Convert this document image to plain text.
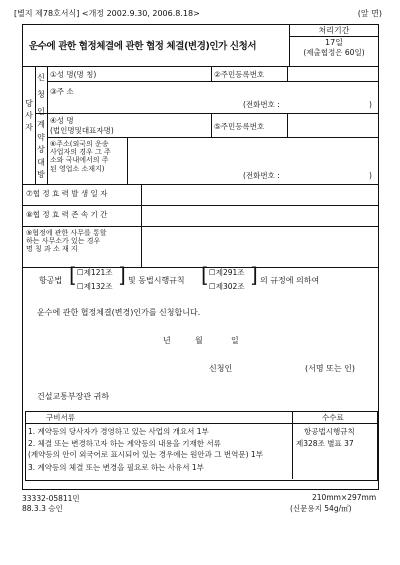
[별지 제78호서식] <개정 2002.9.30, 2006.8.18>	(앞 면)
운수에 관한 협정체결에 관한 협정 체결(변경)인가 신청서
처리기간
17일
(제출협정은 60일)
당
사
자
신
청
인
계
약
상
대
방
①성 명(명 칭)	②주민등록번호
③주 소
(전화번호 :	)
④성 명
(법인명및대표자명)	⑤주민등록번호
⑥주소(외국의 운송
사업자의 경우 그 주
소와 국내에서의 주
된 영업소 소재지)
(전화번호 :	)
⑦협 정 효 력 발 생 일 자
⑧협 정 효 력 존 속 기 간
⑨협정에 관한 사무를 통할
하는 사무소가 있는 경우
명 칭 과 소 재 지
항공법 [ ☐제121조
☐제132조 ] 및 동법시행규칙 [ ☐제291조
☐제302조 ] 의 규정에 의하여
운수에 관한 협정체결(변경)인가를 신청합니다.
년	월	일
신청인	(서명 또는 인)
건설교통부장관 귀하
구비서류	수수료
1. 계약등의 당사자가 경영하고 있는 사업의 개요서 1부
2. 체결 또는 변경하고자 하는 계약등의 내용을 기재한 서류
(계약등의 안이 외국어로 표시되어 있는 경우에는 원안과 그 번역문) 1부
3. 계약등의 체결 또는 변경을 필요로 하는 사유서 1부
항공법시행규칙
제328조 별표 37
33332-05811민
88.3.3 승인
210mm×297mm
(신문용지 54g/㎡)
